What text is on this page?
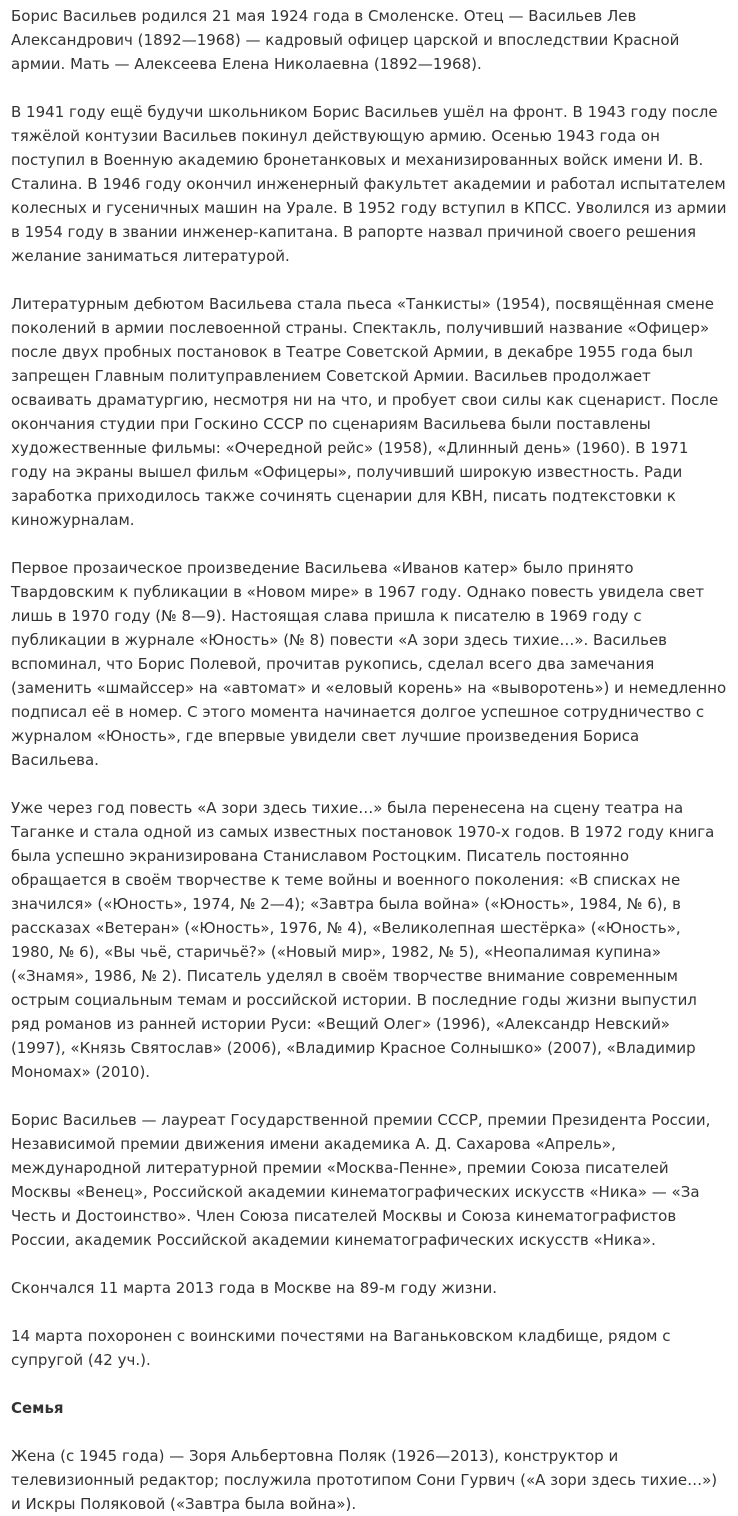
Борис Васильев родился 21 мая 1924 года в Смоленске. Отец — Васильев Лев Александрович (1892—1968) — кадровый офицер царской и впоследствии Красной армии. Мать — Алексеева Елена Николаевна (1892—1968).

В 1941 году ещё будучи школьником Борис Васильев ушёл на фронт. В 1943 году после тяжёлой контузии Васильев покинул действующую армию. Осенью 1943 года он поступил в Военную академию бронетанковых и механизированных войск имени И. В. Сталина. В 1946 году окончил инженерный факультет академии и работал испытателем колесных и гусеничных машин на Урале. В 1952 году вступил в КПСС. Уволился из армии в 1954 году в звании инженер-капитана. В рапорте назвал причиной своего решения желание заниматься литературой.

Литературным дебютом Васильева стала пьеса «Танкисты» (1954), посвящённая смене поколений в армии послевоенной страны. Спектакль, получивший название «Офицер» после двух пробных постановок в Театре Советской Армии, в декабре 1955 года был запрещен Главным политуправлением Советской Армии. Васильев продолжает осваивать драматургию, несмотря ни на что, и пробует свои силы как сценарист. После окончания студии при Госкино СССР по сценариям Васильева были поставлены художественные фильмы: «Очередной рейс» (1958), «Длинный день» (1960). В 1971 году на экраны вышел фильм «Офицеры», получивший широкую известность. Ради заработка приходилось также сочинять сценарии для КВН, писать подтекстовки к киножурналам.

Первое прозаическое произведение Васильева «Иванов катер» было принято Твардовским к публикации в «Новом мире» в 1967 году. Однако повесть увидела свет лишь в 1970 году (№ 8—9). Настоящая слава пришла к писателю в 1969 году с публикации в журнале «Юность» (№ 8) повести «А зори здесь тихие…». Васильев вспоминал, что Борис Полевой, прочитав рукопись, сделал всего два замечания (заменить «шмайссер» на «автомат» и «еловый корень» на «выворотень») и немедленно подписал её в номер. С этого момента начинается долгое успешное сотрудничество с журналом «Юность», где впервые увидели свет лучшие произведения Бориса Васильева.

Уже через год повесть «А зори здесь тихие…» была перенесена на сцену театра на Таганке и стала одной из самых известных постановок 1970-х годов. В 1972 году книга была успешно экранизирована Станиславом Ростоцким. Писатель постоянно обращается в своём творчестве к теме войны и военного поколения: «В списках не значился» («Юность», 1974, № 2—4); «Завтра была война» («Юность», 1984, № 6), в рассказах «Ветеран» («Юность», 1976, № 4), «Великолепная шестёрка» («Юность», 1980, № 6), «Вы чьё, старичьё?» («Новый мир», 1982, № 5), «Неопалимая купина» («Знамя», 1986, № 2). Писатель уделял в своём творчестве внимание современным острым социальным темам и российской истории. В последние годы жизни выпустил ряд романов из ранней истории Руси: «Вещий Олег» (1996), «Александр Невский» (1997), «Князь Святослав» (2006), «Владимир Красное Солнышко» (2007), «Владимир Мономах» (2010).

Борис Васильев — лауреат Государственной премии СССР, премии Президента России, Независимой премии движения имени академика А. Д. Сахарова «Апрель», международной литературной премии «Москва-Пенне», премии Союза писателей Москвы «Венец», Российской академии кинематографических искусств «Ника» — «За Честь и Достоинство». Член Союза писателей Москвы и Союза кинематографистов России, академик Российской академии кинематографических искусств «Ника».

Скончался 11 марта 2013 года в Москве на 89-м году жизни.

14 марта похоронен с воинскими почестями на Ваганьковском кладбище, рядом с супругой (42 уч.).

Семья

Жена (с 1945 года) — Зоря Альбертовна Поляк (1926—2013), конструктор и телевизионный редактор; послужила прототипом Сони Гурвич («А зори здесь тихие…») и Искры Поляковой («Завтра была война»).
